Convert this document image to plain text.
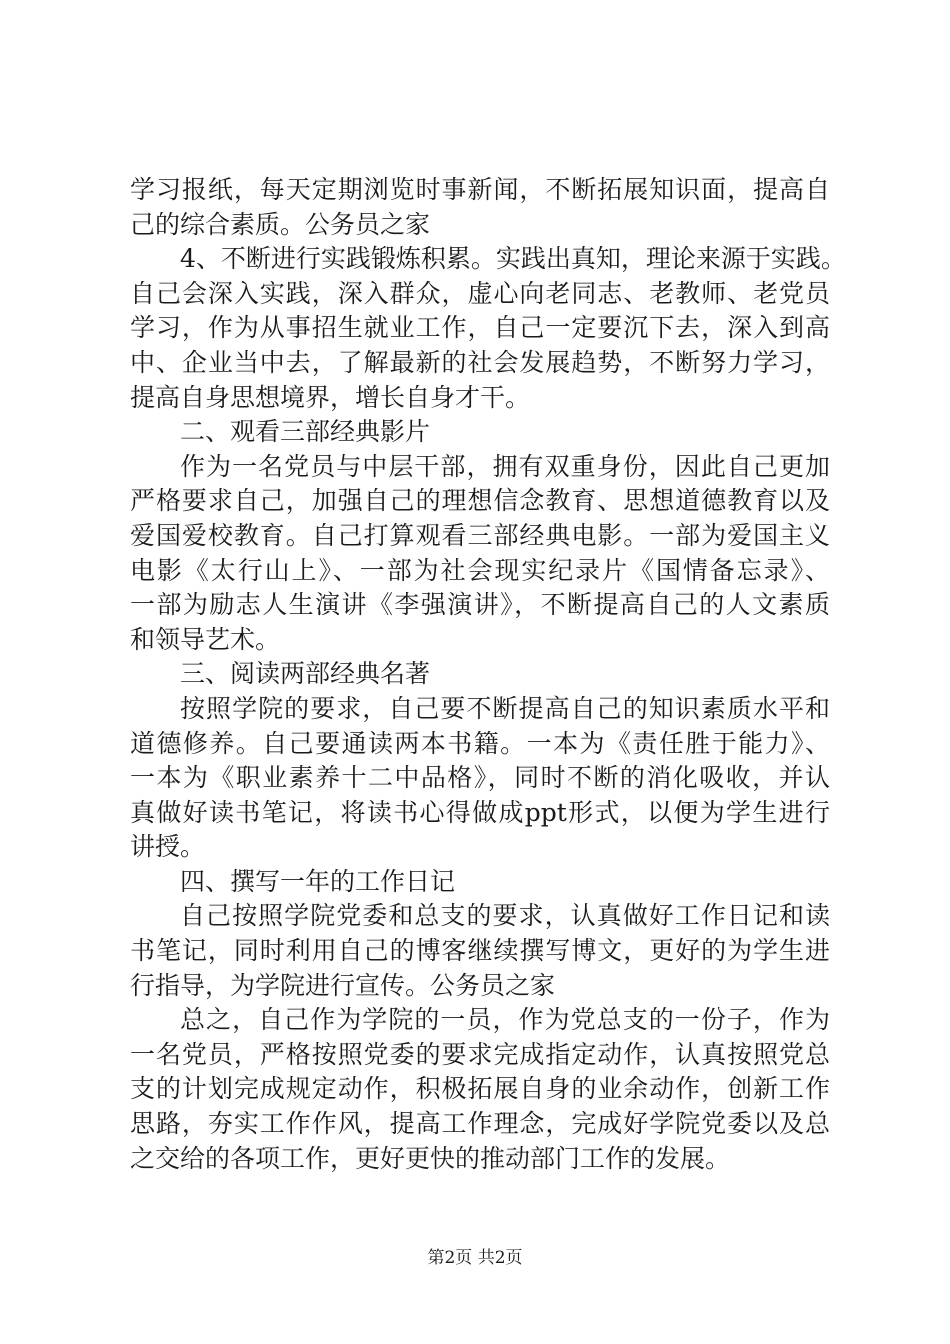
学习报纸，每天定期浏览时事新闻，不断拓展知识面，提高自
己的综合素质。公务员之家
4、不断进行实践锻炼积累。实践出真知，理论来源于实践。
自己会深入实践，深入群众，虚心向老同志、老教师、老党员
学习，作为从事招生就业工作，自己一定要沉下去，深入到高
中、企业当中去，了解最新的社会发展趋势，不断努力学习，
提高自身思想境界，增长自身才干。
二、观看三部经典影片
作为一名党员与中层干部，拥有双重身份，因此自己更加
严格要求自己，加强自己的理想信念教育、思想道德教育以及
爱国爱校教育。自己打算观看三部经典电影。一部为爱国主义
电影《太行山上》、一部为社会现实纪录片《国情备忘录》、
一部为励志人生演讲《李强演讲》，不断提高自己的人文素质
和领导艺术。
三、阅读两部经典名著
按照学院的要求，自己要不断提高自己的知识素质水平和
道德修养。自己要通读两本书籍。一本为《责任胜于能力》、
一本为《职业素养十二中品格》，同时不断的消化吸收，并认
真做好读书笔记，将读书心得做成ppt形式，以便为学生进行
讲授。
四、撰写一年的工作日记
自己按照学院党委和总支的要求，认真做好工作日记和读
书笔记，同时利用自己的博客继续撰写博文，更好的为学生进
行指导，为学院进行宣传。公务员之家
总之，自己作为学院的一员，作为党总支的一份子，作为
一名党员，严格按照党委的要求完成指定动作，认真按照党总
支的计划完成规定动作，积极拓展自身的业余动作，创新工作
思路，夯实工作作风，提高工作理念，完成好学院党委以及总
之交给的各项工作，更好更快的推动部门工作的发展。
第2页 共2页
